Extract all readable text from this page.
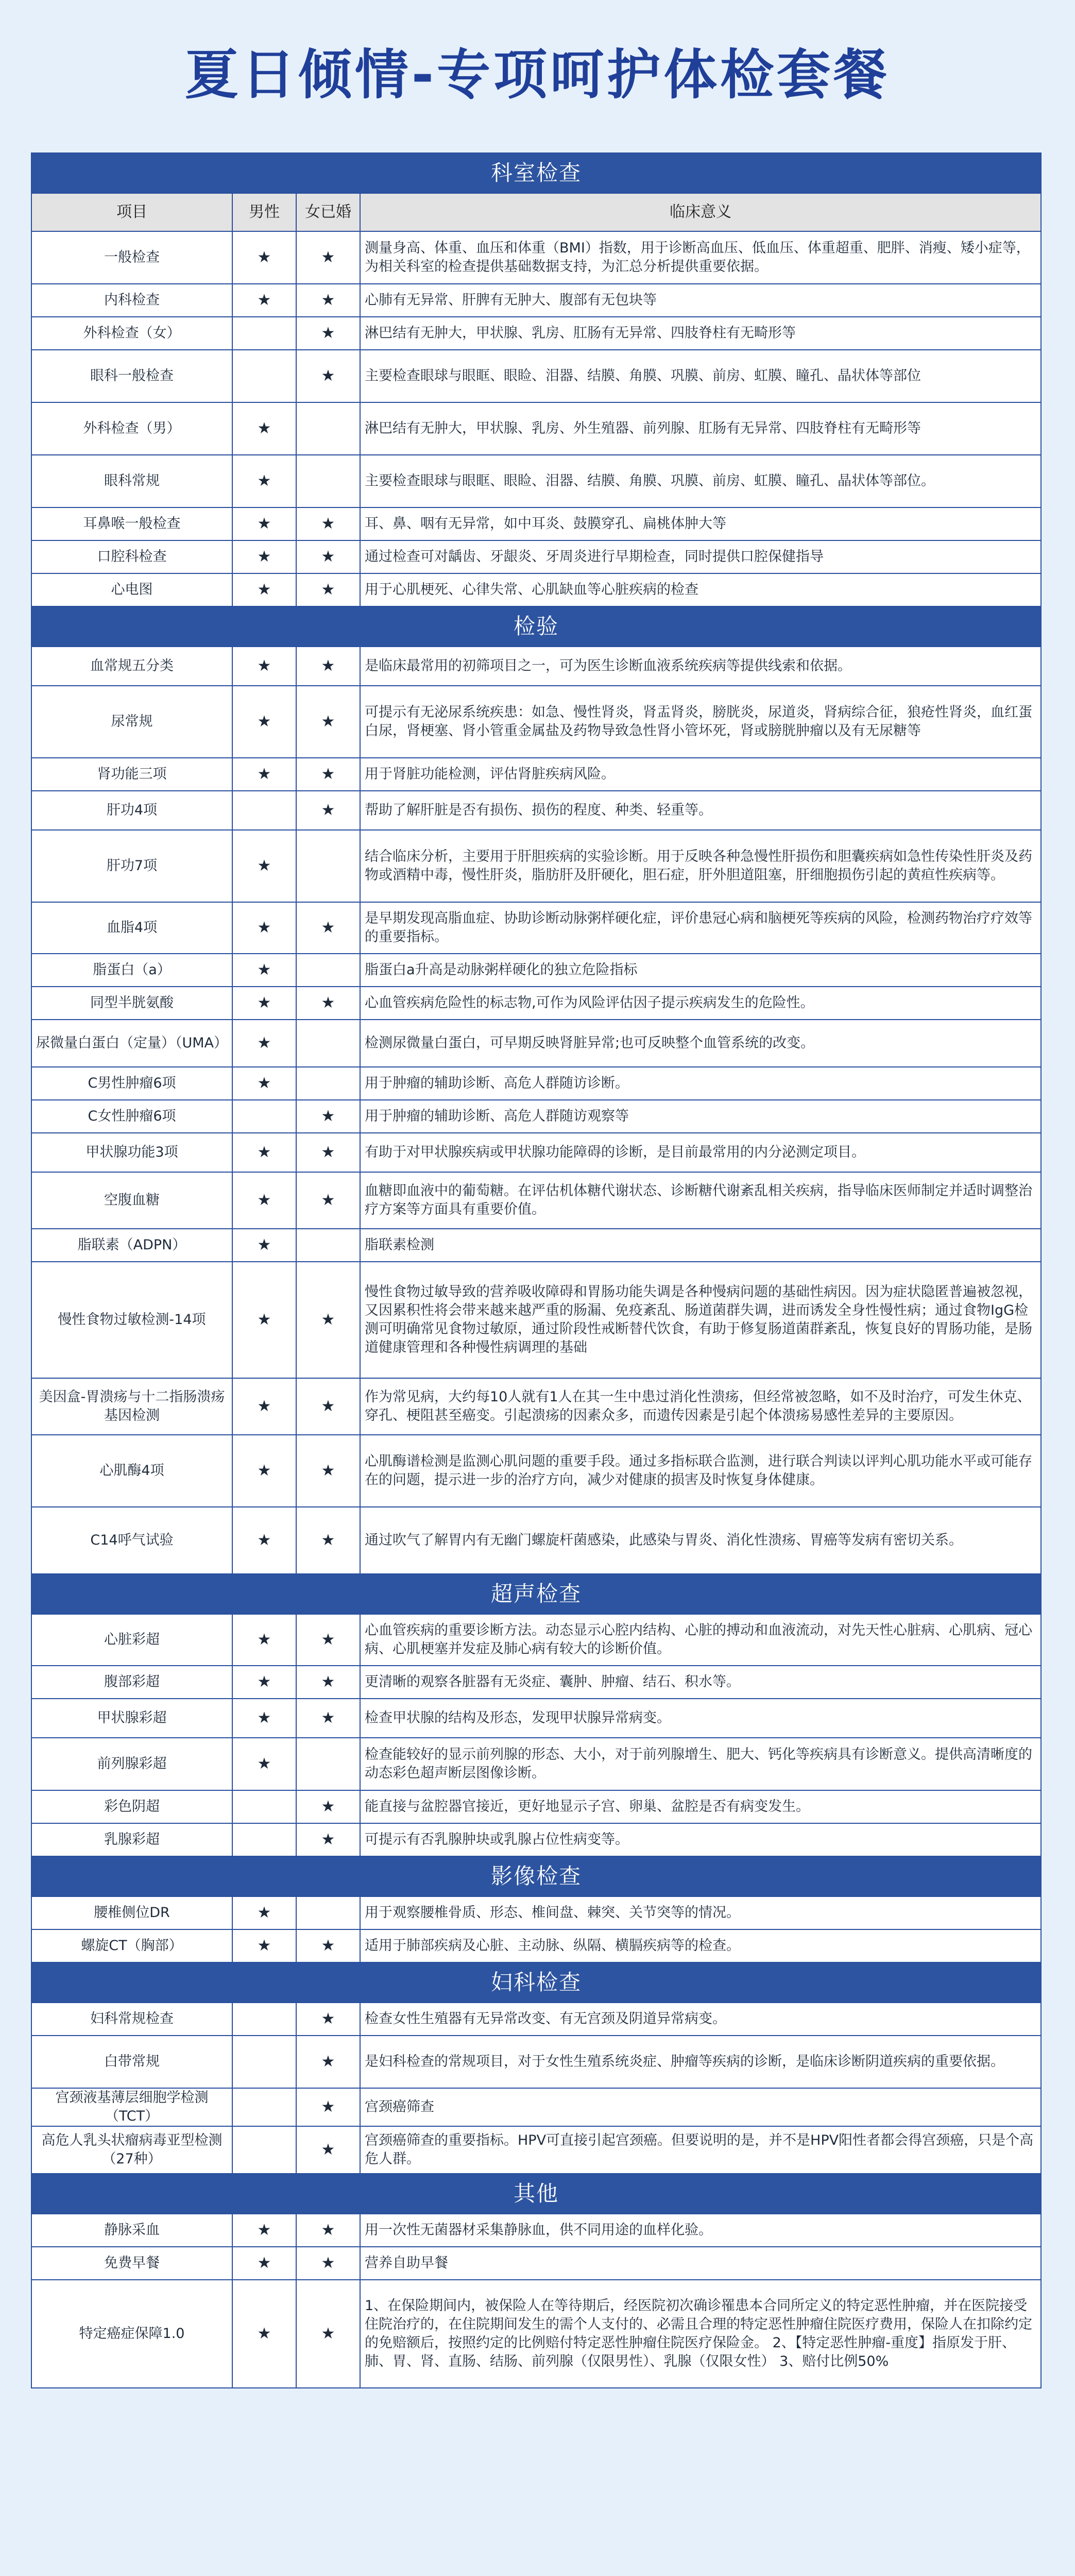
夏日倾情-专项呵护体检套餐
科室检查			
项目	男性	女已婚	临床意义
一般检查	★	★	测量身高、体重、血压和体重（BMI）指数，用于诊断高血压、低血压、体重超重、肥胖、消瘦、矮小症等，为相关科室的检查提供基础数据支持，为汇总分析提供重要依据。
内科检查	★	★	心肺有无异常、肝脾有无肿大、腹部有无包块等
外科检查（女）		★	淋巴结有无肿大，甲状腺、乳房、肛肠有无异常、四肢脊柱有无畸形等
眼科一般检查		★	主要检查眼球与眼眶、眼睑、泪器、结膜、角膜、巩膜、前房、虹膜、瞳孔、晶状体等部位
外科检查（男）	★		淋巴结有无肿大，甲状腺、乳房、外生殖器、前列腺、肛肠有无异常、四肢脊柱有无畸形等
眼科常规	★		主要检查眼球与眼眶、眼睑、泪器、结膜、角膜、巩膜、前房、虹膜、瞳孔、晶状体等部位。
耳鼻喉一般检查	★	★	耳、鼻、咽有无异常，如中耳炎、鼓膜穿孔、扁桃体肿大等
口腔科检查	★	★	通过检查可对龋齿、牙龈炎、牙周炎进行早期检查，同时提供口腔保健指导
心电图	★	★	用于心肌梗死、心律失常、心肌缺血等心脏疾病的检查
检验			
血常规五分类	★	★	是临床最常用的初筛项目之一，可为医生诊断血液系统疾病等提供线索和依据。
尿常规	★	★	可提示有无泌尿系统疾患：如急、慢性肾炎，肾盂肾炎，膀胱炎，尿道炎，肾病综合征，狼疮性肾炎，血红蛋白尿，肾梗塞、肾小管重金属盐及药物导致急性肾小管坏死，肾或膀胱肿瘤以及有无尿糖等
肾功能三项	★	★	用于肾脏功能检测，评估肾脏疾病风险。
肝功4项		★	帮助了解肝脏是否有损伤、损伤的程度、种类、轻重等。
肝功7项	★		结合临床分析，主要用于肝胆疾病的实验诊断。用于反映各种急慢性肝损伤和胆囊疾病如急性传染性肝炎及药物或酒精中毒，慢性肝炎，脂肪肝及肝硬化，胆石症，肝外胆道阻塞，肝细胞损伤引起的黄疸性疾病等。
血脂4项	★	★	是早期发现高脂血症、协助诊断动脉粥样硬化症，评价患冠心病和脑梗死等疾病的风险，检测药物治疗疗效等的重要指标。
脂蛋白（a）	★		脂蛋白a升高是动脉粥样硬化的独立危险指标
同型半胱氨酸	★	★	心血管疾病危险性的标志物,可作为风险评估因子提示疾病发生的危险性。
尿微量白蛋白（定量）（UMA）	★		检测尿微量白蛋白，可早期反映肾脏异常;也可反映整个血管系统的改变。
C男性肿瘤6项	★		用于肿瘤的辅助诊断、高危人群随访诊断。
C女性肿瘤6项		★	用于肿瘤的辅助诊断、高危人群随访观察等
甲状腺功能3项	★	★	有助于对甲状腺疾病或甲状腺功能障碍的诊断，是目前最常用的内分泌测定项目。
空腹血糖	★	★	血糖即血液中的葡萄糖。在评估机体糖代谢状态、诊断糖代谢紊乱相关疾病，指导临床医师制定并适时调整治疗方案等方面具有重要价值。
脂联素（ADPN）	★		脂联素检测
慢性食物过敏检测-14项	★	★	慢性食物过敏导致的营养吸收障碍和胃肠功能失调是各种慢病问题的基础性病因。因为症状隐匿普遍被忽视，又因累积性将会带来越来越严重的肠漏、免疫紊乱、肠道菌群失调，进而诱发全身性慢性病；通过食物IgG检测可明确常见食物过敏原，通过阶段性戒断替代饮食，有助于修复肠道菌群紊乱，恢复良好的胃肠功能，是肠道健康管理和各种慢性病调理的基础
美因盒-胃溃疡与十二指肠溃疡基因检测	★	★	作为常见病，大约每10人就有1人在其一生中患过消化性溃疡，但经常被忽略，如不及时治疗，可发生休克、穿孔、梗阻甚至癌变。引起溃疡的因素众多，而遗传因素是引起个体溃疡易感性差异的主要原因。
心肌酶4项	★	★	心肌酶谱检测是监测心肌问题的重要手段。通过多指标联合监测，进行联合判读以评判心肌功能水平或可能存在的问题，提示进一步的治疗方向，减少对健康的损害及时恢复身体健康。
C14呼气试验	★	★	通过吹气了解胃内有无幽门螺旋杆菌感染，此感染与胃炎、消化性溃疡、胃癌等发病有密切关系。
超声检查			
心脏彩超	★	★	心血管疾病的重要诊断方法。动态显示心腔内结构、心脏的搏动和血液流动，对先天性心脏病、心肌病、冠心病、心肌梗塞并发症及肺心病有较大的诊断价值。
腹部彩超	★	★	更清晰的观察各脏器有无炎症、囊肿、肿瘤、结石、积水等。
甲状腺彩超	★	★	检查甲状腺的结构及形态，发现甲状腺异常病变。
前列腺彩超	★		检查能较好的显示前列腺的形态、大小，对于前列腺增生、肥大、钙化等疾病具有诊断意义。提供高清晰度的动态彩色超声断层图像诊断。
彩色阴超		★	能直接与盆腔器官接近，更好地显示子宫、卵巢、盆腔是否有病变发生。
乳腺彩超		★	可提示有否乳腺肿块或乳腺占位性病变等。
影像检查			
腰椎侧位DR	★		用于观察腰椎骨质、形态、椎间盘、棘突、关节突等的情况。
螺旋CT（胸部）	★	★	适用于肺部疾病及心脏、主动脉、纵隔、横膈疾病等的检查。
妇科检查			
妇科常规检查		★	检查女性生殖器有无异常改变、有无宫颈及阴道异常病变。
白带常规		★	是妇科检查的常规项目，对于女性生殖系统炎症、肿瘤等疾病的诊断，是临床诊断阴道疾病的重要依据。
宫颈液基薄层细胞学检测（TCT）		★	宫颈癌筛查
高危人乳头状瘤病毒亚型检测（27种）		★	宫颈癌筛查的重要指标。HPV可直接引起宫颈癌。但要说明的是，并不是HPV阳性者都会得宫颈癌，只是个高危人群。
其他			
静脉采血	★	★	用一次性无菌器材采集静脉血，供不同用途的血样化验。
免费早餐	★	★	营养自助早餐
特定癌症保障1.0	★	★	1、在保险期间内，被保险人在等待期后，经医院初次确诊罹患本合同所定义的特定恶性肿瘤，并在医院接受住院治疗的，在住院期间发生的需个人支付的、必需且合理的特定恶性肿瘤住院医疗费用，保险人在扣除约定的免赔额后，按照约定的比例赔付特定恶性肿瘤住院医疗保险金。 2、【特定恶性肿瘤-重度】指原发于肝、肺、胃、肾、直肠、结肠、前列腺（仅限男性）、乳腺（仅限女性） 3、赔付比例50%
